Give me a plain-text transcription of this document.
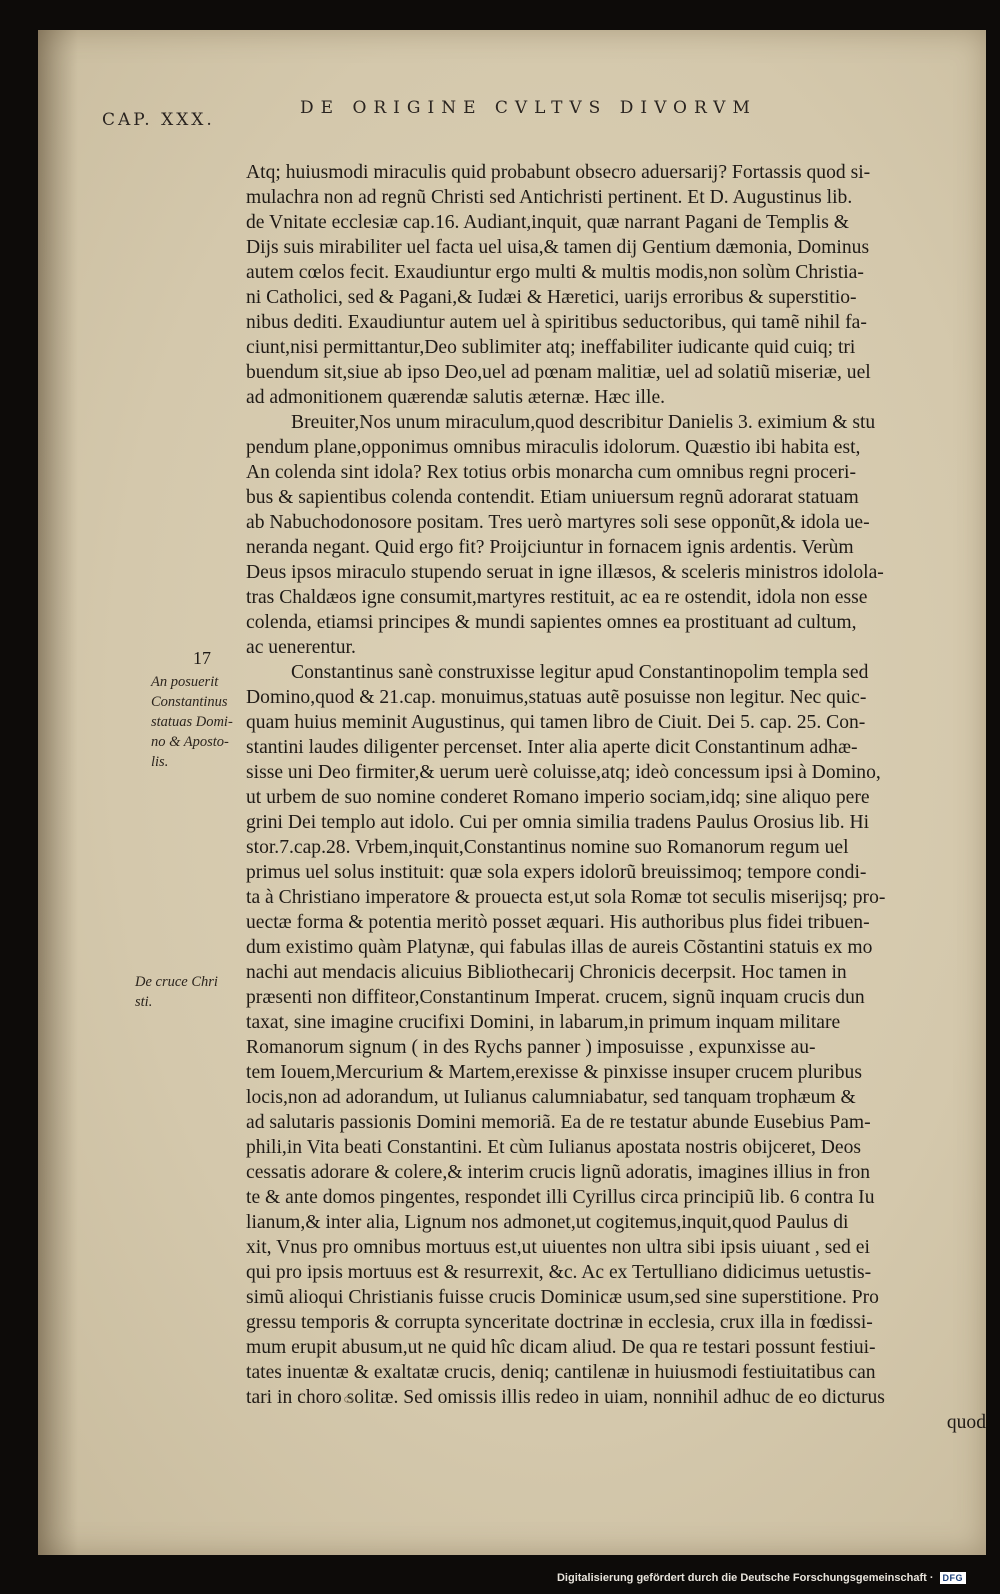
CAP. XXX.
DE ORIGINE CVLTVS DIVORVM
Atq; huiusmodi miraculis quid probabunt obsecro aduersarij? Fortassis quod si-
mulachra non ad regnũ Christi sed Antichristi pertinent. Et D. Augustinus lib.
de Vnitate ecclesiæ cap.16. Audiant,inquit, quæ narrant Pagani de Templis &
Dijs suis mirabiliter uel facta uel uisa,& tamen dij Gentium dæmonia, Dominus
autem cœlos fecit. Exaudiuntur ergo multi & multis modis,non solùm Christia-
ni Catholici, sed & Pagani,& Iudæi & Hæretici, uarijs erroribus & superstitio-
nibus dediti. Exaudiuntur autem uel à spiritibus seductoribus, qui tamẽ nihil fa-
ciunt,nisi permittantur,Deo sublimiter atq; ineffabiliter iudicante quid cuiq; tri
buendum sit,siue ab ipso Deo,uel ad pœnam malitiæ, uel ad solatiũ miseriæ, uel
ad admonitionem quærendæ salutis æternæ. Hæc ille.
Breuiter,Nos unum miraculum,quod describitur Danielis 3. eximium & stu
pendum plane,opponimus omnibus miraculis idolorum. Quæstio ibi habita est,
An colenda sint idola? Rex totius orbis monarcha cum omnibus regni proceri-
bus & sapientibus colenda contendit. Etiam uniuersum regnũ adorarat statuam
ab Nabuchodonosore positam. Tres uerò martyres soli sese opponũt,& idola ue-
neranda negant. Quid ergo fit? Proijciuntur in fornacem ignis ardentis. Verùm
Deus ipsos miraculo stupendo seruat in igne illæsos, & sceleris ministros idolola-
tras Chaldæos igne consumit,martyres restituit, ac ea re ostendit, idola non esse
colenda, etiamsi principes & mundi sapientes omnes ea prostituant ad cultum,
ac uenerentur.
Constantinus sanè construxisse legitur apud Constantinopolim templa sed
Domino,quod & 21.cap. monuimus,statuas autẽ posuisse non legitur. Nec quic-
quam huius meminit Augustinus, qui tamen libro de Ciuit. Dei 5. cap. 25. Con-
stantini laudes diligenter percenset. Inter alia aperte dicit Constantinum adhæ-
sisse uni Deo firmiter,& uerum uerè coluisse,atq; ideò concessum ipsi à Domino,
ut urbem de suo nomine conderet Romano imperio sociam,idq; sine aliquo pere
grini Dei templo aut idolo. Cui per omnia similia tradens Paulus Orosius lib. Hi
stor.7.cap.28. Vrbem,inquit,Constantinus nomine suo Romanorum regum uel
primus uel solus instituit: quæ sola expers idolorũ breuissimoq; tempore condi-
ta à Christiano imperatore & prouecta est,ut sola Romæ tot seculis miserijsq; pro-
uectæ forma & potentia meritò posset æquari. His authoribus plus fidei tribuen-
dum existimo quàm Platynæ, qui fabulas illas de aureis Cõstantini statuis ex mo
nachi aut mendacis alicuius Bibliothecarij Chronicis decerpsit. Hoc tamen in
præsenti non diffiteor,Constantinum Imperat. crucem, signũ inquam crucis dun
taxat, sine imagine crucifixi Domini, in labarum,in primum inquam militare
Romanorum signum ( in des Rychs panner ) imposuisse , expunxisse au-
tem Iouem,Mercurium & Martem,erexisse & pinxisse insuper crucem pluribus
locis,non ad adorandum, ut Iulianus calumniabatur, sed tanquam trophæum &
ad salutaris passionis Domini memoriã. Ea de re testatur abunde Eusebius Pam-
phili,in Vita beati Constantini. Et cùm Iulianus apostata nostris obijceret, Deos
cessatis adorare & colere,& interim crucis lignũ adoratis, imagines illius in fron
te & ante domos pingentes, respondet illi Cyrillus circa principiũ lib. 6 contra Iu
lianum,& inter alia, Lignum nos admonet,ut cogitemus,inquit,quod Paulus di
xit, Vnus pro omnibus mortuus est,ut uiuentes non ultra sibi ipsis uiuant , sed ei
qui pro ipsis mortuus est & resurrexit, &c. Ac ex Tertulliano didicimus uetustis-
simũ alioqui Christianis fuisse crucis Dominicæ usum,sed sine superstitione. Pro
gressu temporis & corrupta synceritate doctrinæ in ecclesia, crux illa in fœdissi-
mum erupit abusum,ut ne quid hîc dicam aliud. De qua re testari possunt festiui-
tates inuentæ & exaltatæ crucis, deniq; cantilenæ in huiusmodi festiuitatibus can
tari in choro solitæ. Sed omissis illis redeo in uiam, nonnihil adhuc de eo dicturus
quod
17
An posuerit
Constantinus
statuas Domi-
no & Aposto-
lis.
De cruce Chri
sti.
Digitalisierung gefördert durch die Deutsche Forschungsgemeinschaft ·	DFG
